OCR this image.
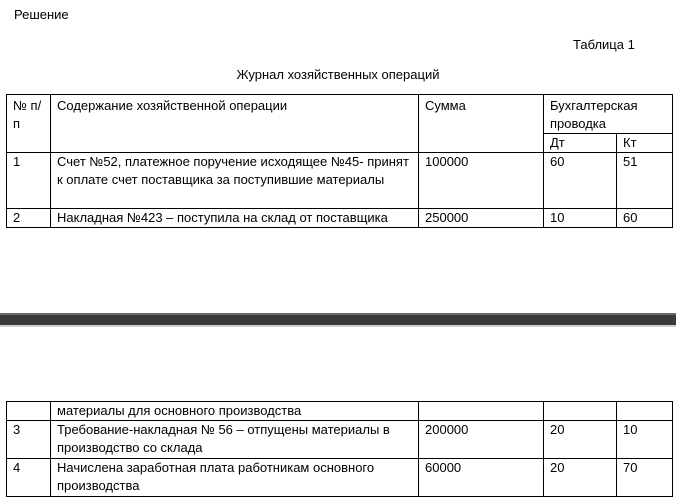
Решение
Таблица 1
Журнал хозяйственных операций
№ п/п	Содержание хозяйственной операции	Сумма	Бухгалтерская проводка	
			Дт	Кт
1	Счет №52, платежное поручение исходящее №45- принят к оплате счет поставщика за поступившие материалы	100000	60	51
2	Накладная №423 – поступила на склад от поставщика	250000	10	60
	материалы для основного производства			
3	Требование-накладная № 56 – отпущены материалы в производство со склада	200000	20	10
4	Начислена заработная плата работникам основного производства	60000	20	70
